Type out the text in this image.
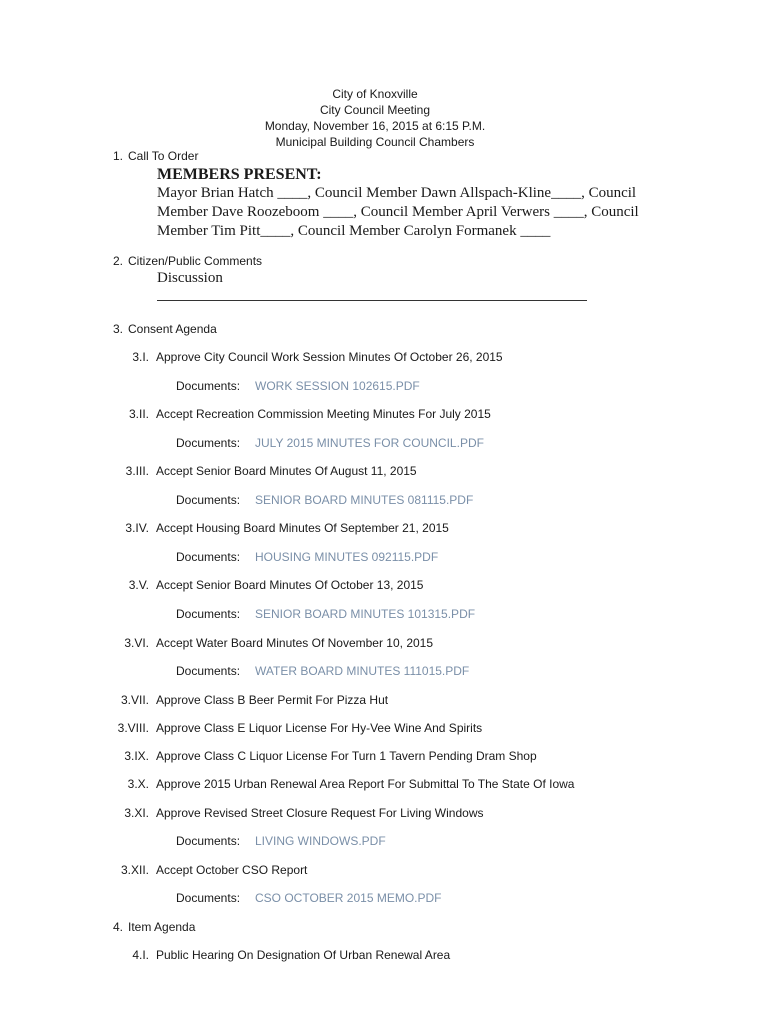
City of Knoxville
City Council Meeting
Monday, November 16, 2015 at 6:15 P.M.
Municipal Building Council Chambers
1. Call To Order
MEMBERS PRESENT:
Mayor Brian Hatch ____, Council Member Dawn Allspach-Kline____, Council
Member Dave Roozeboom ____, Council Member April Verwers ____, Council
Member Tim Pitt____, Council Member Carolyn Formanek ____
2. Citizen/Public Comments
Discussion
3. Consent Agenda
3.I. Approve City Council Work Session Minutes Of October 26, 2015
Documents: WORK SESSION 102615.PDF
3.II. Accept Recreation Commission Meeting Minutes For July 2015
Documents: JULY 2015 MINUTES FOR COUNCIL.PDF
3.III. Accept Senior Board Minutes Of August 11, 2015
Documents: SENIOR BOARD MINUTES 081115.PDF
3.IV. Accept Housing Board Minutes Of September 21, 2015
Documents: HOUSING MINUTES 092115.PDF
3.V. Accept Senior Board Minutes Of October 13, 2015
Documents: SENIOR BOARD MINUTES 101315.PDF
3.VI. Accept Water Board Minutes Of November 10, 2015
Documents: WATER BOARD MINUTES 111015.PDF
3.VII. Approve Class B Beer Permit For Pizza Hut
3.VIII. Approve Class E Liquor License For Hy-Vee Wine And Spirits
3.IX. Approve Class C Liquor License For Turn 1 Tavern Pending Dram Shop
3.X. Approve 2015 Urban Renewal Area Report For Submittal To The State Of Iowa
3.XI. Approve Revised Street Closure Request For Living Windows
Documents: LIVING WINDOWS.PDF
3.XII. Accept October CSO Report
Documents: CSO OCTOBER 2015 MEMO.PDF
4. Item Agenda
4.I. Public Hearing On Designation Of Urban Renewal Area
